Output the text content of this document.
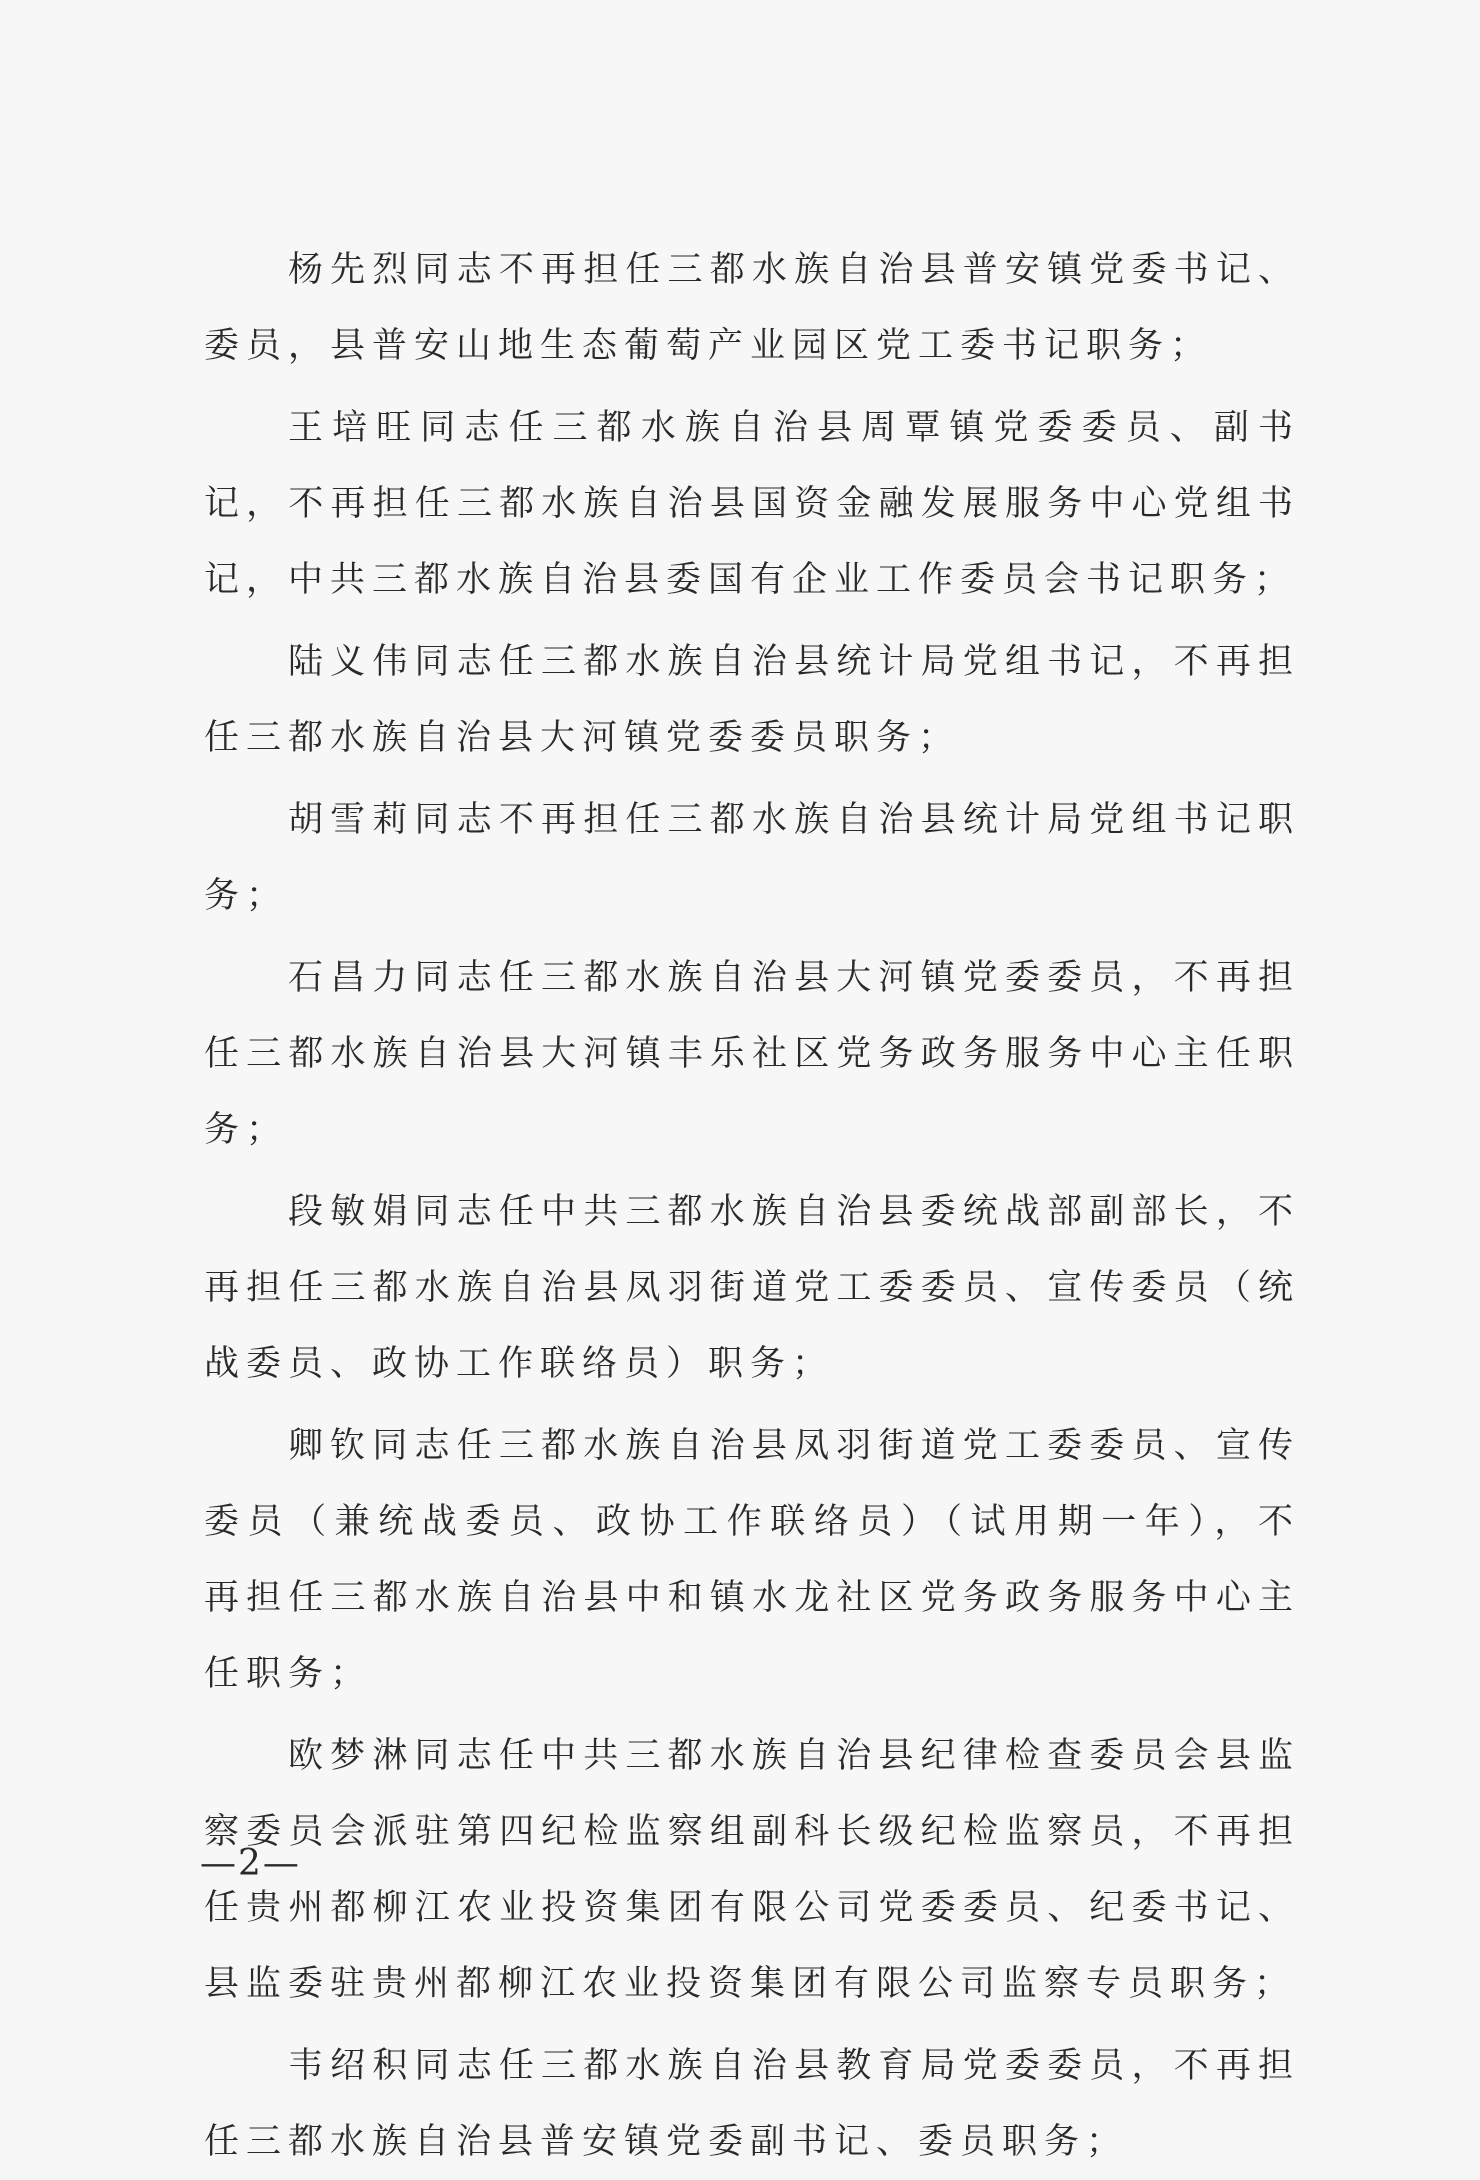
杨先烈同志不再担任三都水族自治县普安镇党委书记、委员，县普安山地生态葡萄产业园区党工委书记职务；

王培旺同志任三都水族自治县周覃镇党委委员、副书记，不再担任三都水族自治县国资金融发展服务中心党组书记，中共三都水族自治县委国有企业工作委员会书记职务；

陆义伟同志任三都水族自治县统计局党组书记，不再担任三都水族自治县大河镇党委委员职务；

胡雪莉同志不再担任三都水族自治县统计局党组书记职务；

石昌力同志任三都水族自治县大河镇党委委员，不再担任三都水族自治县大河镇丰乐社区党务政务服务中心主任职务；

段敏娟同志任中共三都水族自治县委统战部副部长，不再担任三都水族自治县凤羽街道党工委委员、宣传委员（统战委员、政协工作联络员）职务；

卿钦同志任三都水族自治县凤羽街道党工委委员、宣传委员（兼统战委员、政协工作联络员）（试用期一年），不再担任三都水族自治县中和镇水龙社区党务政务服务中心主任职务；

欧梦淋同志任中共三都水族自治县纪律检查委员会县监察委员会派驻第四纪检监察组副科长级纪检监察员，不再担任贵州都柳江农业投资集团有限公司党委委员、纪委书记、县监委驻贵州都柳江农业投资集团有限公司监察专员职务；

韦绍积同志任三都水族自治县教育局党委委员，不再担任三都水族自治县普安镇党委副书记、委员职务；

—2—
